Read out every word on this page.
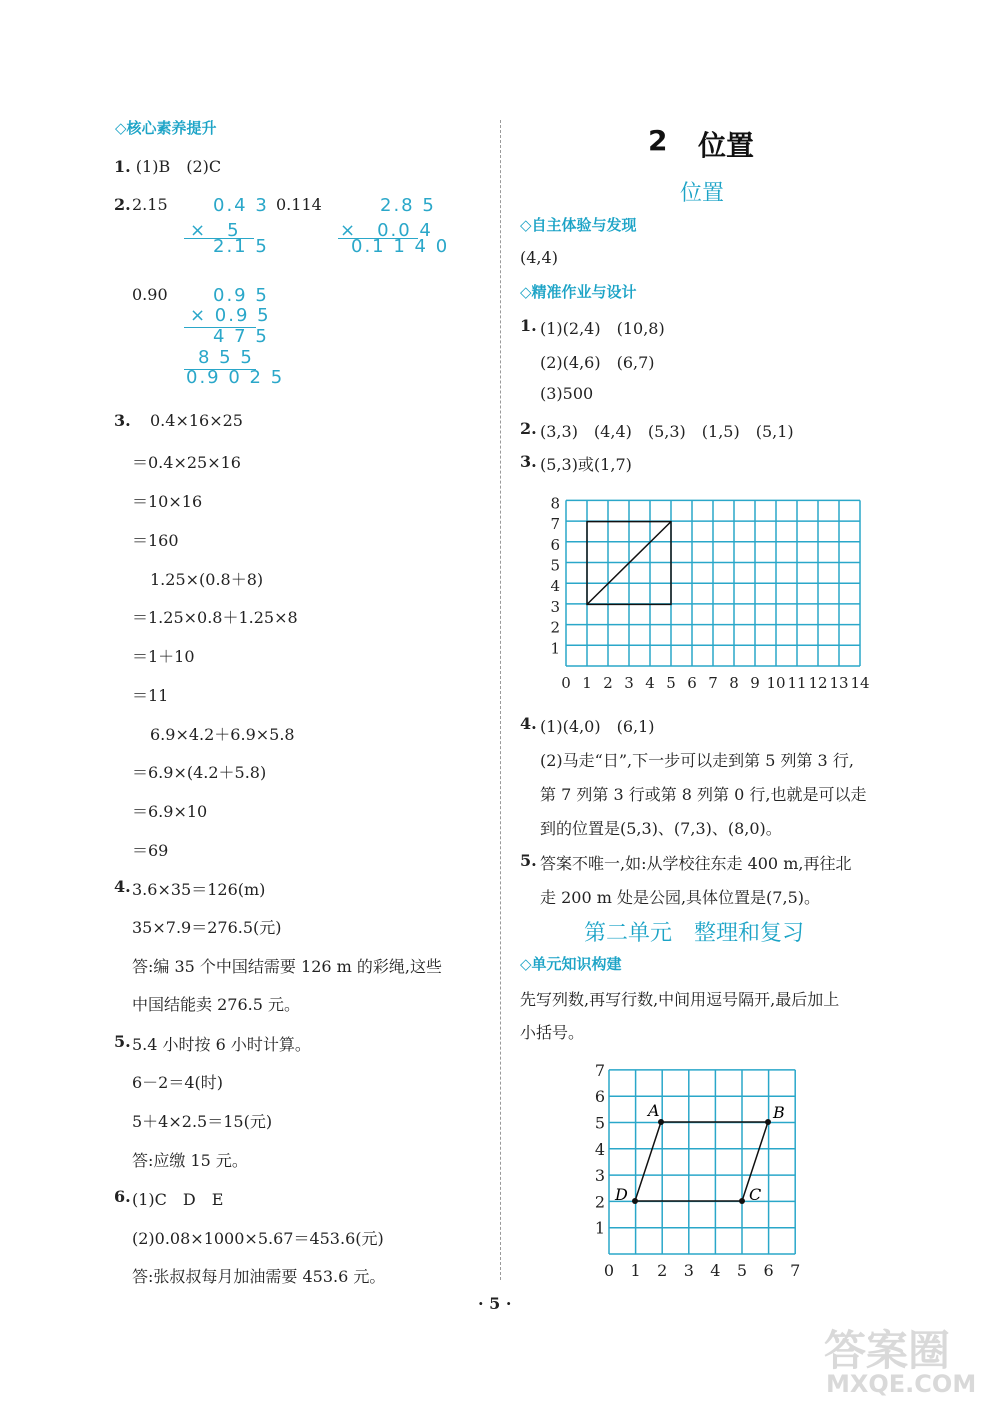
◇核心素养提升
1. (1)B　(2)C
2. 2.15	0.4 3
×　5
2.1 5
0.114	2.8 5
×　0.0 4
0.1 1 4 0
0.90	0.9 5
× 0.9 5
4 7 5
8 5 5
0.9 0 2 5
3. 0.4×16×25
＝0.4×25×16
＝10×16
＝160
1.25×(0.8＋8)
＝1.25×0.8＋1.25×8
＝1＋10
＝11
6.9×4.2＋6.9×5.8
＝6.9×(4.2＋5.8)
＝6.9×10
＝69
4. 3.6×35＝126(m)
35×7.9＝276.5(元)
答:编 35 个中国结需要 126 m 的彩绳,这些
中国结能卖 276.5 元。
5. 5.4 小时按 6 小时计算。
6－2＝4(时)
5＋4×2.5＝15(元)
答:应缴 15 元。
6. (1)C　D　E
(2)0.08×1000×5.67＝453.6(元)
答:张叔叔每月加油需要 453.6 元。
2 位置
位置
◇自主体验与发现
(4,4)
◇精准作业与设计
1. (1)(2,4)　(10,8)
(2)(4,6)　(6,7)
(3)500
2. (3,3)　(4,4)　(5,3)　(1,5)　(5,1)
3. (5,3)或(1,7)
0 1 2 3 4 5 6 7 8 9 10 11 12 13 14
1
2
3
4
5
6
7
8
4. (1)(4,0)　(6,1)
(2)马走“日”,下一步可以走到第 5 列第 3 行,
第 7 列第 3 行或第 8 列第 0 行,也就是可以走
到的位置是(5,3)、(7,3)、(8,0)。
5. 答案不唯一,如:从学校往东走 400 m,再往北
走 200 m 处是公园,具体位置是(7,5)。
第二单元　整理和复习
◇单元知识构建
先写列数,再写行数,中间用逗号隔开,最后加上
小括号。
0 1 2 3 4 5 6 7
1
2
3
4
5
6
7
A	B
C
D
· 5 ·
答案圈
MXQE.COM
